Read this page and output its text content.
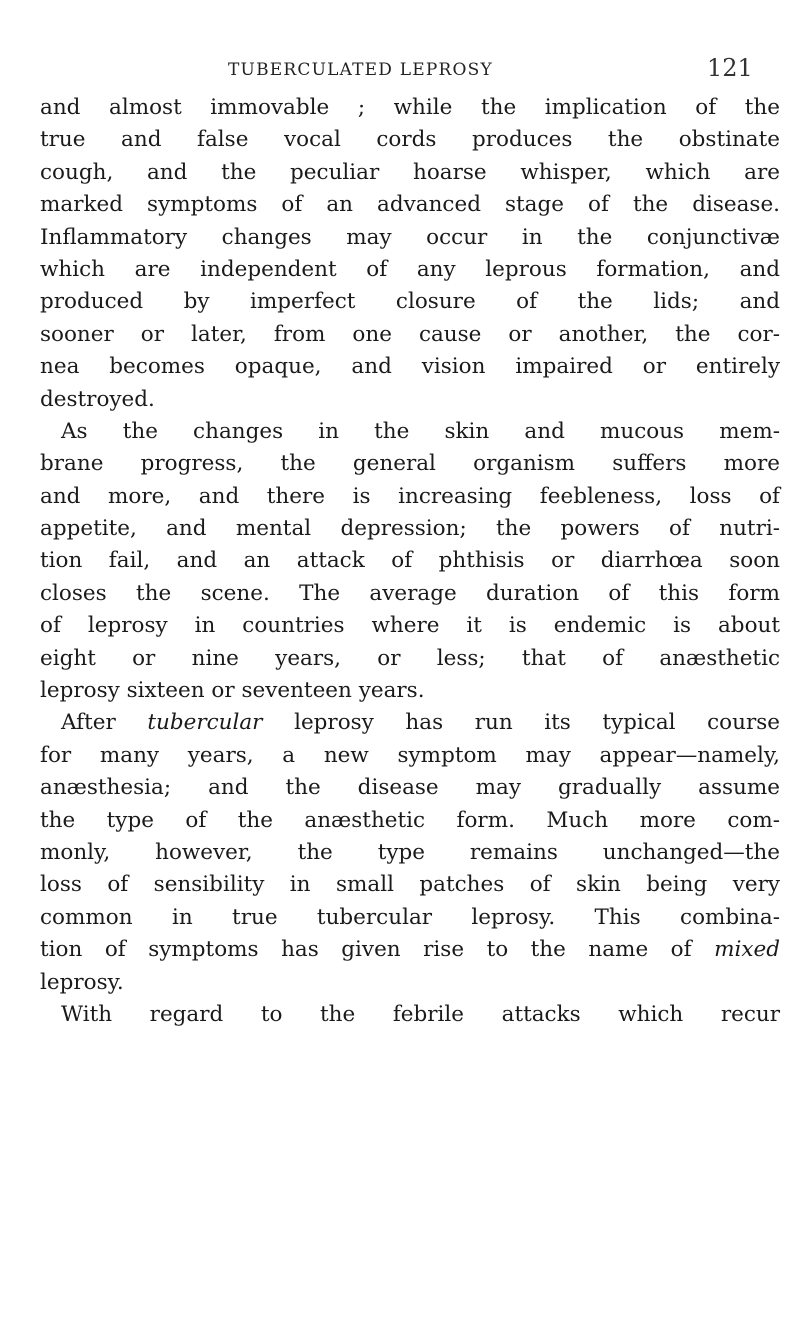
TUBERCULATED LEPROSY	121
and almost immovable ; while the implication of the
true and false vocal cords produces the obstinate
cough, and the peculiar hoarse whisper, which are
marked symptoms of an advanced stage of the disease.
Inflammatory changes may occur in the conjunctivæ
which are independent of any leprous formation, and
produced by imperfect closure of the lids; and
sooner or later, from one cause or another, the cor-
nea becomes opaque, and vision impaired or entirely
destroyed.
As the changes in the skin and mucous mem-
brane progress, the general organism suffers more
and more, and there is increasing feebleness, loss of
appetite, and mental depression; the powers of nutri-
tion fail, and an attack of phthisis or diarrhœa soon
closes the scene. The average duration of this form
of leprosy in countries where it is endemic is about
eight or nine years, or less; that of anæsthetic
leprosy sixteen or seventeen years.
After tubercular leprosy has run its typical course
for many years, a new symptom may appear—namely,
anæsthesia; and the disease may gradually assume
the type of the anæsthetic form. Much more com-
monly, however, the type remains unchanged—the
loss of sensibility in small patches of skin being very
common in true tubercular leprosy. This combina-
tion of symptoms has given rise to the name of mixed
leprosy.
With regard to the febrile attacks which recur
